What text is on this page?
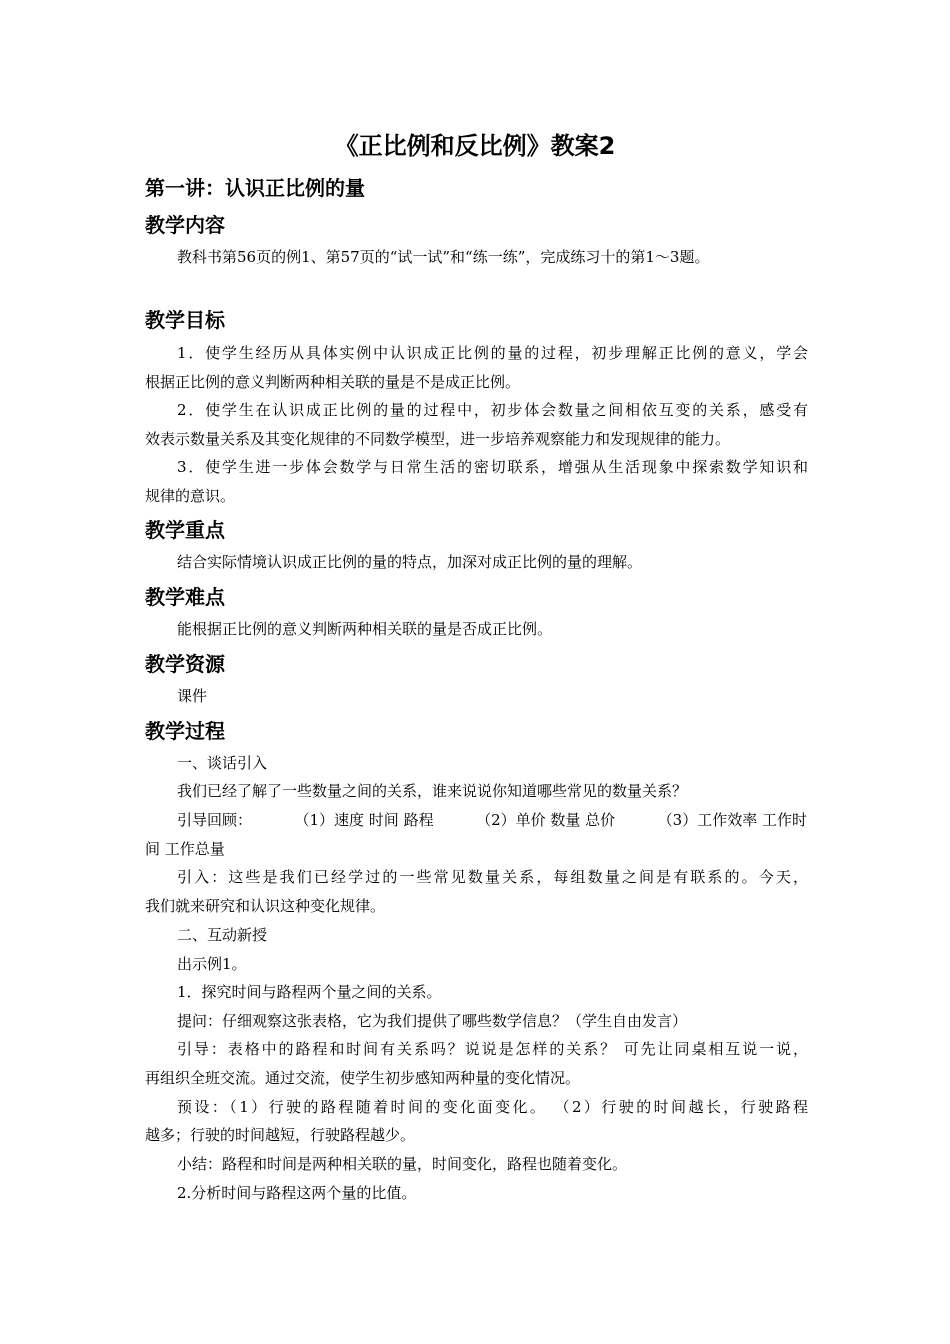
《正比例和反比例》教案2
第一讲：认识正比例的量
教学内容

教科书第56页的例1、第57页的“试一试”和“练一练”，完成练习十的第1～3题。

教学目标

1．使学生经历从具体实例中认识成正比例的量的过程，初步理解正比例的意义，学会

根据正比例的意义判断两种相关联的量是不是成正比例。

2．使学生在认识成正比例的量的过程中，初步体会数量之间相依互变的关系，感受有

效表示数量关系及其变化规律的不同数学模型，进一步培养观察能力和发现规律的能力。

3．使学生进一步体会数学与日常生活的密切联系，增强从生活现象中探索数学知识和

规律的意识。

教学重点

结合实际情境认识成正比例的量的特点，加深对成正比例的量的理解。

教学难点

能根据正比例的意义判断两种相关联的量是否成正比例。

教学资源

课件

教学过程

一、谈话引入

我们已经了解了一些数量之间的关系，谁来说说你知道哪些常见的数量关系？

引导回顾：	（1）速度 时间 路程	（2）单价 数量 总价	（3）工作效率 工作时

间 工作总量

引入：这些是我们已经学过的一些常见数量关系，每组数量之间是有联系的。今天，

我们就来研究和认识这种变化规律。

二、互动新授

出示例1。

1．探究时间与路程两个量之间的关系。

提问：仔细观察这张表格，它为我们提供了哪些数学信息？（学生自由发言）

引导：表格中的路程和时间有关系吗？说说是怎样的关系？ 可先让同桌相互说一说，

再组织全班交流。通过交流，使学生初步感知两种量的变化情况。

预设：（1）行驶的路程随着时间的变化面变化。 （2）行驶的时间越长，行驶路程

越多；行驶的时间越短，行驶路程越少。

小结：路程和时间是两种相关联的量，时间变化，路程也随着变化。

2.分析时间与路程这两个量的比值。
